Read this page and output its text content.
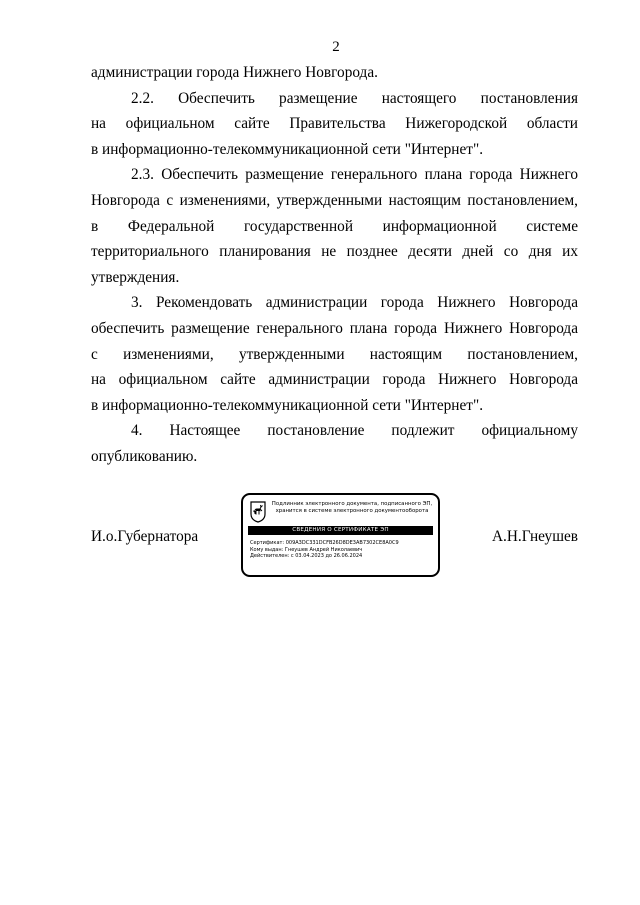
2

администрации города Нижнего Новгорода.

2.2. Обеспечить размещение настоящего постановления
на официальном сайте Правительства Нижегородской области
в информационно-телекоммуникационной сети "Интернет".

2.3. Обеспечить размещение генерального плана города Нижнего
Новгорода с изменениями, утвержденными настоящим постановлением,
в Федеральной государственной информационной системе
территориального планирования не позднее десяти дней со дня их
утверждения.

3. Рекомендовать администрации города Нижнего Новгорода
обеспечить размещение генерального плана города Нижнего Новгорода
с изменениями, утвержденными настоящим постановлением,
на официальном сайте администрации города Нижнего Новгорода
в информационно-телекоммуникационной сети "Интернет".

4. Настоящее постановление подлежит официальному
опубликованию.

И.о.Губернатора	А.Н.Гнеушев
Подлинник электронного документа, подписанного ЭП,
хранится в системе электронного документооборота
СВЕДЕНИЯ О СЕРТИФИКАТЕ ЭП
Сертификат: 009A3DC331DCFB26D8DE3AB7302CE8A0C9
Кому выдан: Гнеушев Андрей Николаевич
Действителен: с 03.04.2023 до 26.06.2024
